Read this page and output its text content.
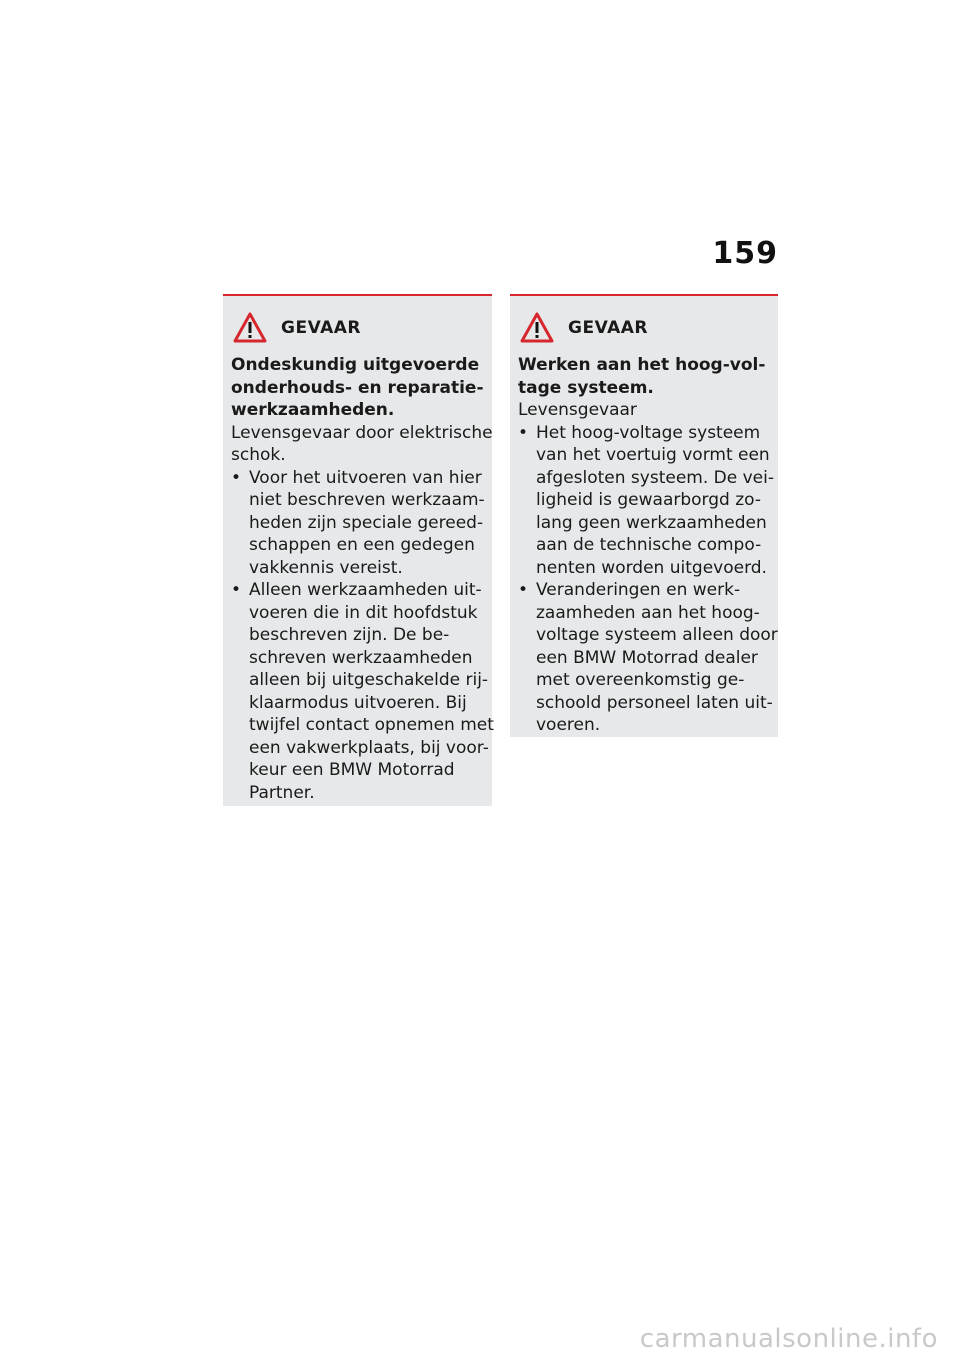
159
GEVAAR

Ondeskundig uitgevoerde

onderhouds- en reparatie-

werkzaamheden.

Levensgevaar door elektrische

schok.

• Voor het uitvoeren van hier
niet beschreven werkzaam-
heden zijn speciale gereed-
schappen en een gedegen
vakkennis vereist.
• Alleen werkzaamheden uit-
voeren die in dit hoofdstuk
beschreven zijn. De be-
schreven werkzaamheden
alleen bij uitgeschakelde rij-
klaarmodus uitvoeren. Bij
twijfel contact opnemen met
een vakwerkplaats, bij voor-
keur een BMW Motorrad
Partner.
GEVAAR

Werken aan het hoog-vol-

tage systeem.

Levensgevaar

• Het hoog-voltage systeem
van het voertuig vormt een
afgesloten systeem. De vei-
ligheid is gewaarborgd zo-
lang geen werkzaamheden
aan de technische compo-
nenten worden uitgevoerd.
• Veranderingen en werk-
zaamheden aan het hoog-
voltage systeem alleen door
een BMW Motorrad dealer
met overeenkomstig ge-
schoold personeel laten uit-
voeren.
carmanualsonline.info
